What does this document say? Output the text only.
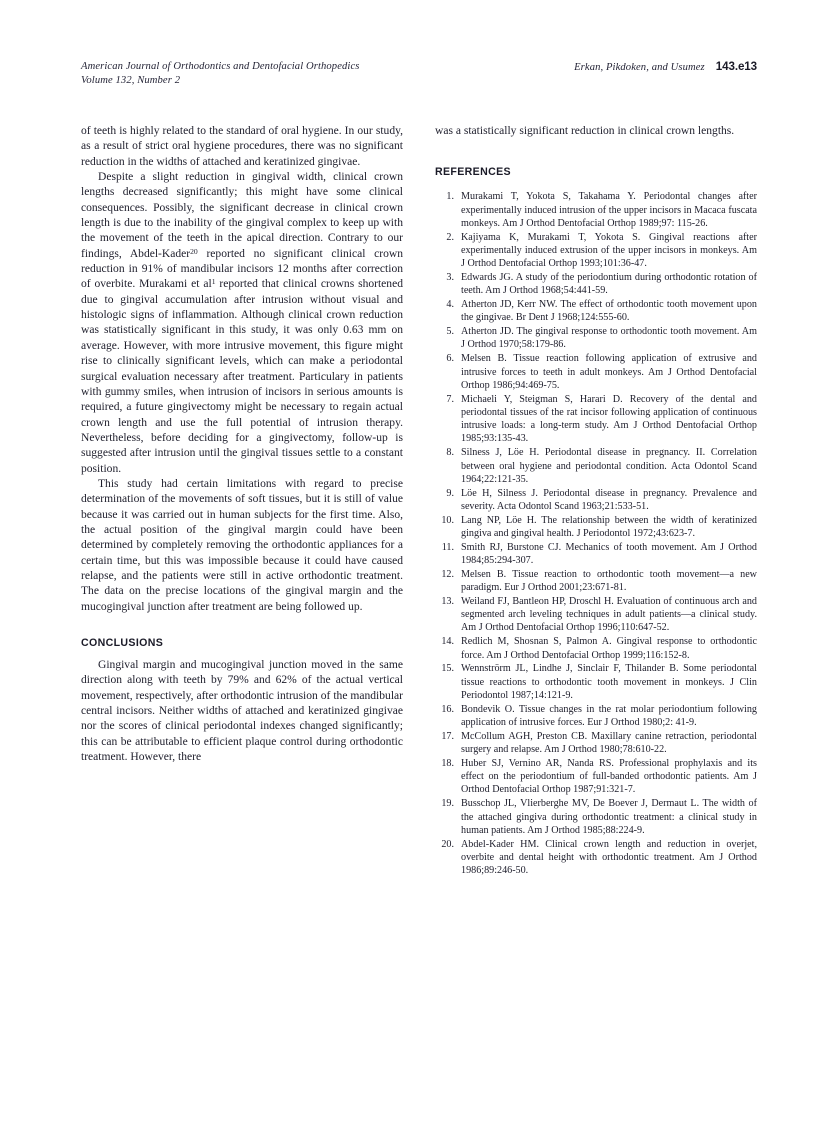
American Journal of Orthodontics and Dentofacial Orthopedics
Volume 132, Number 2
Erkan, Pikdoken, and Usumez 143.e13

of teeth is highly related to the standard of oral hygiene. In our study, as a result of strict oral hygiene procedures, there was no significant reduction in the widths of attached and keratinized gingivae.

Despite a slight reduction in gingival width, clinical crown lengths decreased significantly; this might have some clinical consequences. Possibly, the significant decrease in clinical crown length is due to the inability of the gingival complex to keep up with the movement of the teeth in the apical direction. Contrary to our findings, Abdel-Kader$^{20}$ reported no significant clinical crown reduction in 91% of mandibular incisors 12 months after correction of overbite. Murakami et $al^1$ reported that clinical crowns shortened due to gingival accumulation after intrusion without visual and histologic signs of inflammation. Although clinical crown reduction was statistically significant in this study, it was only 0.63 mm on average. However, with more intrusive movement, this figure might rise to clinically significant levels, which can make a periodontal surgical evaluation necessary after treatment. Particulary in patients with gummy smiles, when intrusion of incisors in serious amounts is required, a future gingivectomy might be necessary to regain actual crown length and use the full potential of intrusion therapy. Nevertheless, before deciding for a gingivectomy, follow-up is suggested after intrusion until the gingival tissues settle to a constant position.

This study had certain limitations with regard to precise determination of the movements of soft tissues, but it is still of value because it was carried out in human subjects for the first time. Also, the actual position of the gingival margin could have been determined by completely removing the orthodontic appliances for a certain time, but this was impossible because it could have caused relapse, and the patients were still in active orthodontic treatment. The data on the precise locations of the gingival margin and the mucogingival junction after treatment are being followed up.

CONCLUSIONS

Gingival margin and mucogingival junction moved in the same direction along with teeth by 79% and 62% of the actual vertical movement, respectively, after orthodontic intrusion of the mandibular central incisors. Neither widths of attached and keratinized gingivae nor the scores of clinical periodontal indexes changed significantly; this can be attributable to efficient plaque control during orthodontic treatment. However, there

was a statistically significant reduction in clinical crown lengths.

REFERENCES
Murakami T, Yokota S, Takahama Y. Periodontal changes after experimentally induced intrusion of the upper incisors in Macaca fuscata monkeys. Am J Orthod Dentofacial Orthop 1989;97: 115-26.
Kajiyama K, Murakami T, Yokota S. Gingival reactions after experimentally induced extrusion of the upper incisors in monkeys. Am J Orthod Dentofacial Orthop 1993;101:36-47.
Edwards JG. A study of the periodontium during orthodontic rotation of teeth. Am J Orthod 1968;54:441-59.
Atherton JD, Kerr NW. The effect of orthodontic tooth movement upon the gingivae. Br Dent J 1968;124:555-60.
Atherton JD. The gingival response to orthodontic tooth movement. Am J Orthod 1970;58:179-86.
Melsen B. Tissue reaction following application of extrusive and intrusive forces to teeth in adult monkeys. Am J Orthod Dentofacial Orthop 1986;94:469-75.
Michaeli Y, Steigman S, Harari D. Recovery of the dental and periodontal tissues of the rat incisor following application of continuous intrusive loads: a long-term study. Am J Orthod Dentofacial Orthop 1985;93:135-43.
Silness J, Löe H. Periodontal disease in pregnancy. II. Correlation between oral hygiene and periodontal condition. Acta Odontol Scand 1964;22:121-35.
Löe H, Silness J. Periodontal disease in pregnancy. Prevalence and severity. Acta Odontol Scand 1963;21:533-51.
Lang NP, Löe H. The relationship between the width of keratinized gingiva and gingival health. J Periodontol 1972;43:623-7.
Smith RJ, Burstone CJ. Mechanics of tooth movement. Am J Orthod 1984;85:294-307.
Melsen B. Tissue reaction to orthodontic tooth movement—a new paradigm. Eur J Orthod 2001;23:671-81.
Weiland FJ, Bantleon HP, Droschl H. Evaluation of continuous arch and segmented arch leveling techniques in adult patients—a clinical study. Am J Orthod Dentofacial Orthop 1996;110:647-52.
Redlich M, Shosnan S, Palmon A. Gingival response to orthodontic force. Am J Orthod Dentofacial Orthop 1999;116:152-8.
Wennströrm JL, Lindhe J, Sinclair F, Thilander B. Some periodontal tissue reactions to orthodontic tooth movement in monkeys. J Clin Periodontol 1987;14:121-9.
Bondevik O. Tissue changes in the rat molar periodontium following application of intrusive forces. Eur J Orthod 1980;2: 41-9.
McCollum AGH, Preston CB. Maxillary canine retraction, periodontal surgery and relapse. Am J Orthod 1980;78:610-22.
Huber SJ, Vernino AR, Nanda RS. Professional prophylaxis and its effect on the periodontium of full-banded orthodontic patients. Am J Orthod Dentofacial Orthop 1987;91:321-7.
Busschop JL, Vlierberghe MV, De Boever J, Dermaut L. The width of the attached gingiva during orthodontic treatment: a clinical study in human patients. Am J Orthod 1985;88:224-9.
Abdel-Kader HM. Clinical crown length and reduction in overjet, overbite and dental height with orthodontic treatment. Am J Orthod 1986;89:246-50.
